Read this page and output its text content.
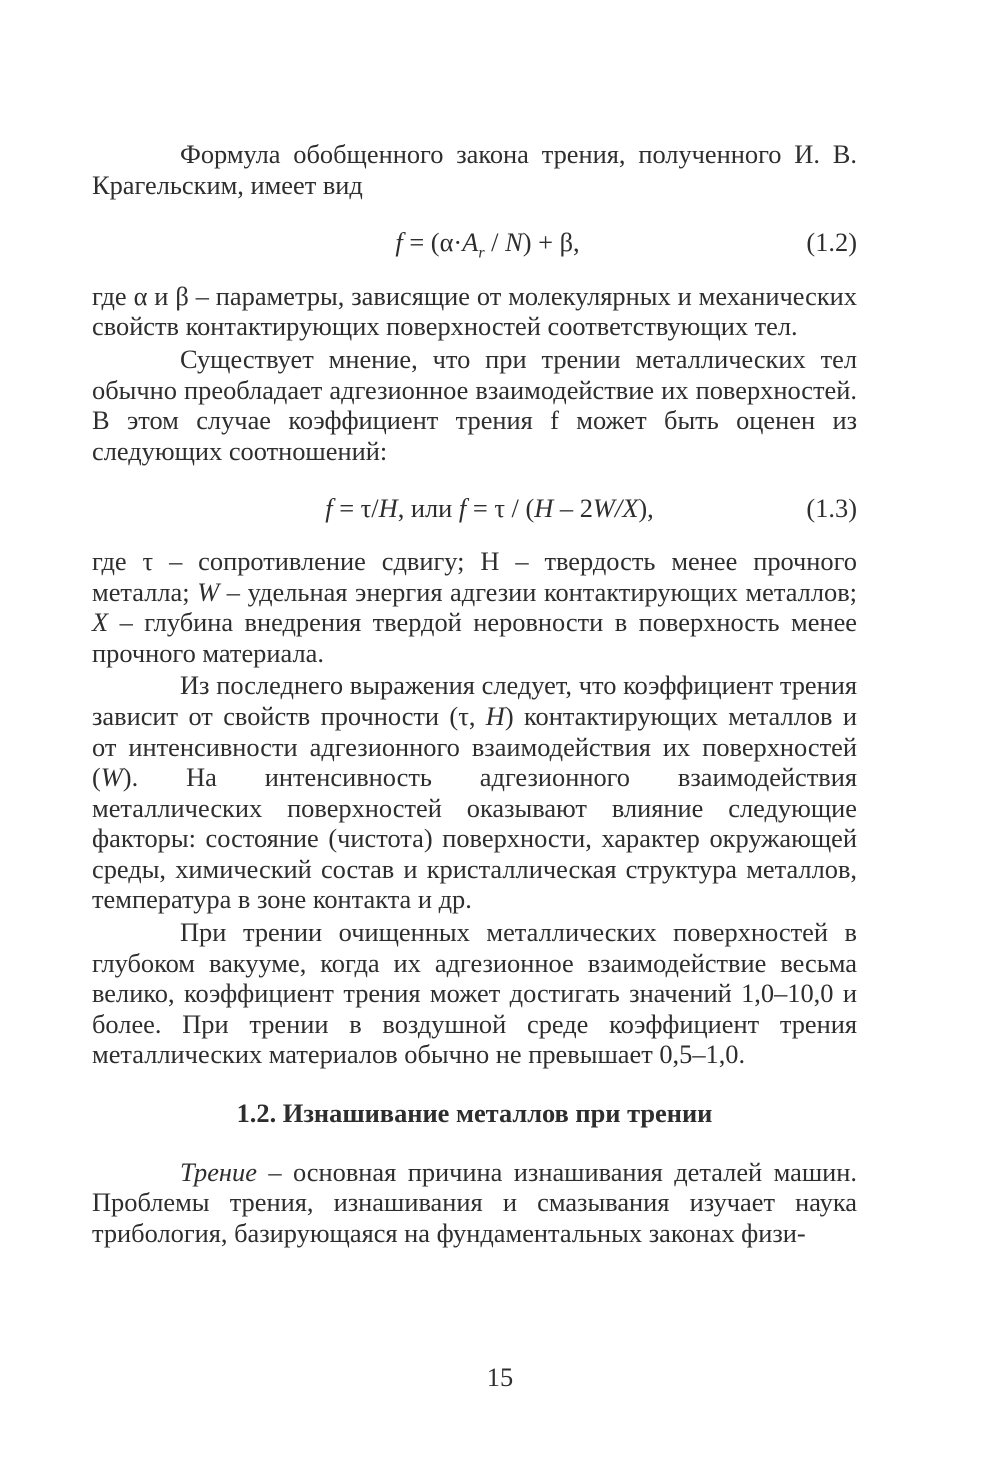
Формула обобщенного закона трения, полученного И. В. Крагельским, имеет вид

$f = (\alpha\cdot A_r / N) + \beta$,	(1.2)

где α и β – параметры, зависящие от молекулярных и механических свойств контактирующих поверхностей соответствующих тел.

Существует мнение, что при трении металлических тел обычно преобладает адгезионное взаимодействие их поверхностей. В этом случае коэффициент трения f может быть оценен из следующих соотношений:

f = τ/H, или f = τ / (H – 2W/X),	(1.3)

где τ – сопротивление сдвигу; H – твердость менее прочного металла; W – удельная энергия адгезии контактирующих металлов; X – глубина внедрения твердой неровности в поверхность менее прочного материала.

Из последнего выражения следует, что коэффициент трения зависит от свойств прочности (τ, H) контактирующих металлов и от интенсивности адгезионного взаимодействия их поверхностей (W). На интенсивность адгезионного взаимодействия металлических поверхностей оказывают влияние следующие факторы: состояние (чистота) поверхности, характер окружающей среды, химический состав и кристаллическая структура металлов, температура в зоне контакта и др.

При трении очищенных металлических поверхностей в глубоком вакууме, когда их адгезионное взаимодействие весьма велико, коэффициент трения может достигать значений 1,0–10,0 и более. При трении в воздушной среде коэффициент трения металлических материалов обычно не превышает 0,5–1,0.

1.2. Изнашивание металлов при трении

Трение – основная причина изнашивания деталей машин. Проблемы трения, изнашивания и смазывания изучает наука трибология, базирующаяся на фундаментальных законах физи-

15
